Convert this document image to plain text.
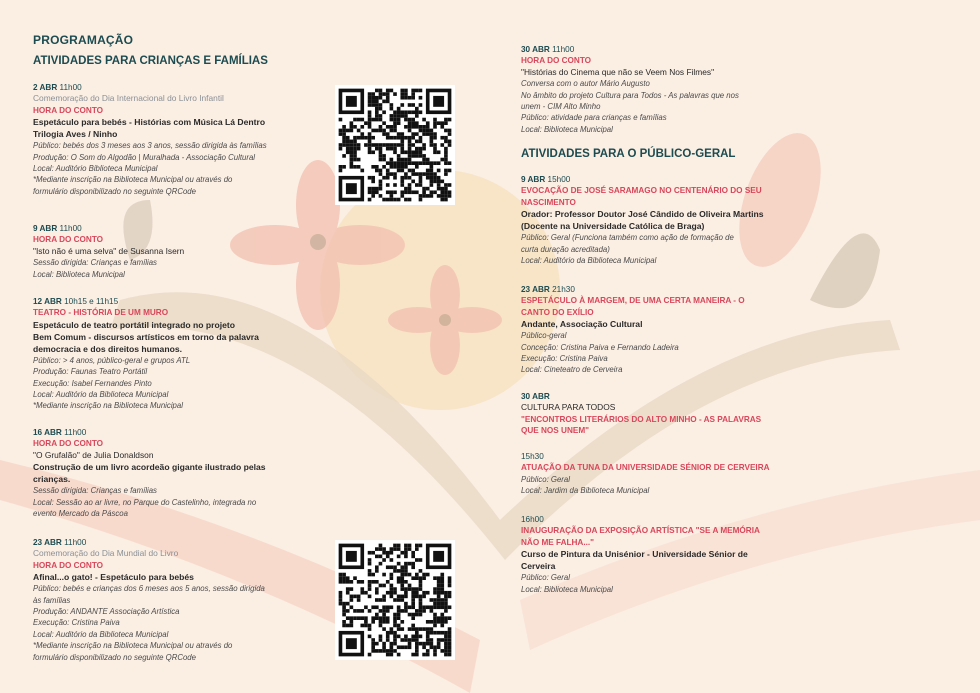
PROGRAMAÇÃO
ATIVIDADES PARA CRIANÇAS E FAMÍLIAS
2 ABR 11h00
Comemoração do Dia Internacional do Livro Infantil
HORA DO CONTO
Espetáculo para bebés - Histórias com Música Lá Dentro
Trilogia Aves / Ninho
Público: bebés dos 3 meses aos 3 anos, sessão dirigida às famílias
Produção: O Som do Algodão | Muralhada - Associação Cultural
Local: Auditório Biblioteca Municipal
*Mediante inscrição na Biblioteca Municipal ou através do
formulário disponibilizado no seguinte QRCode
9 ABR 11h00
HORA DO CONTO
"Isto não é uma selva" de Susanna Isern
Sessão dirigida: Crianças e famílias
Local: Biblioteca Municipal
12 ABR 10h15 e 11h15
TEATRO - HISTÓRIA DE UM MURO
Espetáculo de teatro portátil integrado no projeto
Bem Comum - discursos artísticos em torno da palavra
democracia e dos direitos humanos.
Público: > 4 anos, público-geral e grupos ATL
Produção: Faunas Teatro Portátil
Execução: Isabel Fernandes Pinto
Local: Auditório da Biblioteca Municipal
*Mediante inscrição na Biblioteca Municipal
16 ABR 11h00
HORA DO CONTO
"O Grufalão" de Julia Donaldson
Construção de um livro acordeão gigante ilustrado pelas
crianças.
Sessão dirigida: Crianças e famílias
Local: Sessão ao ar livre, no Parque do Castelinho, integrada no
evento Mercado da Páscoa
23 ABR 11h00
Comemoração do Dia Mundial do Livro
HORA DO CONTO
Afinal...o gato! - Espetáculo para bebés
Público: bebés e crianças dos 6 meses aos 5 anos, sessão dirigida
às famílias
Produção: ANDANTE Associação Artística
Execução: Cristina Paiva
Local: Auditório da Biblioteca Municipal
*Mediante inscrição na Biblioteca Municipal ou através do
formulário disponibilizado no seguinte QRCode
ATIVIDADES PARA O PÚBLICO-GERAL
30 ABR 11h00
HORA DO CONTO
"Histórias do Cinema que não se Veem Nos Filmes"
Conversa com o autor Mário Augusto
No âmbito do projeto Cultura para Todos - As palavras que nos
unem - CIM Alto Minho
Público: atividade para crianças e famílias
Local: Biblioteca Municipal
9 ABR 15h00
EVOCAÇÃO DE JOSÉ SARAMAGO NO CENTENÁRIO DO SEU
NASCIMENTO
Orador: Professor Doutor José Cândido de Oliveira Martins
(Docente na Universidade Católica de Braga)
Público: Geral (Funciona também como ação de formação de
curta duração acreditada)
Local: Auditório da Biblioteca Municipal
23 ABR 21h30
ESPETÁCULO À MARGEM, DE UMA CERTA MANEIRA - O
CANTO DO EXÍLIO
Andante, Associação Cultural
Público-geral
Conceção: Cristina Paiva e Fernando Ladeira
Execução: Cristina Paiva
Local: Cineteatro de Cerveira
30 ABR
CULTURA PARA TODOS
"ENCONTROS LITERÁRIOS DO ALTO MINHO - AS PALAVRAS
QUE NOS UNEM"
15h30
ATUAÇÃO DA TUNA DA UNIVERSIDADE SÉNIOR DE CERVEIRA
Público: Geral
Local: Jardim da Biblioteca Municipal
16h00
INAUGURAÇÃO DA EXPOSIÇÃO ARTÍSTICA "SE A MEMÓRIA
NÃO ME FALHA..."
Curso de Pintura da Unisénior - Universidade Sénior de
Cerveira
Público: Geral
Local: Biblioteca Municipal
